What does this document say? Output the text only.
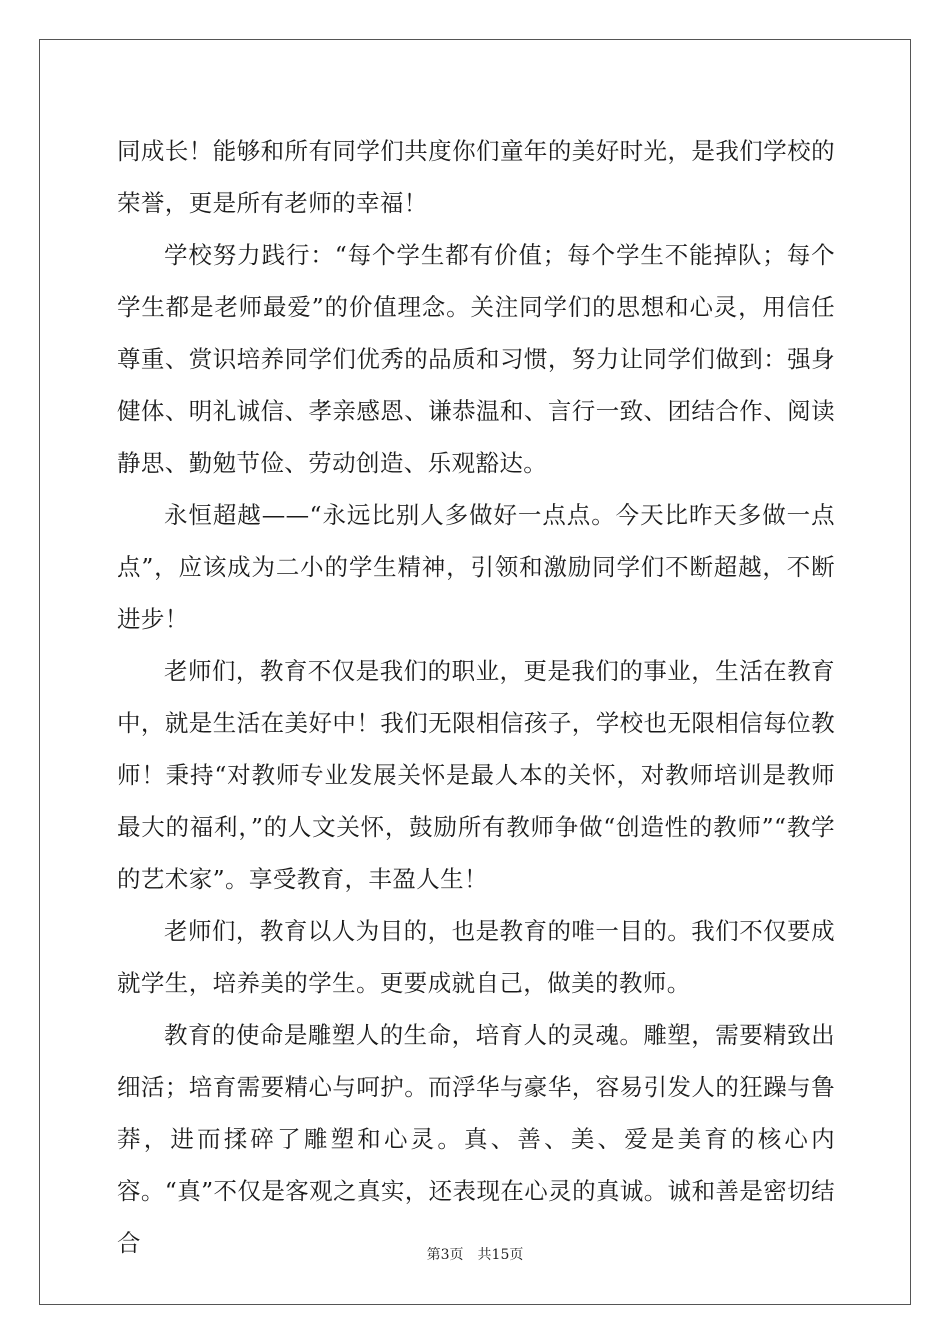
同成长！能够和所有同学们共度你们童年的美好时光，是我们学校的荣誉，更是所有老师的幸福！

学校努力践行：“每个学生都有价值；每个学生不能掉队；每个学生都是老师最爱”的价值理念。关注同学们的思想和心灵，用信任尊重、赏识培养同学们优秀的品质和习惯，努力让同学们做到：强身健体、明礼诚信、孝亲感恩、谦恭温和、言行一致、团结合作、阅读静思、勤勉节俭、劳动创造、乐观豁达。

永恒超越——“永远比别人多做好一点点。今天比昨天多做一点点”，应该成为二小的学生精神，引领和激励同学们不断超越，不断进步！

老师们，教育不仅是我们的职业，更是我们的事业，生活在教育中，就是生活在美好中！我们无限相信孩子，学校也无限相信每位教师！秉持“对教师专业发展关怀是最人本的关怀，对教师培训是教师最大的福利，”的人文关怀，鼓励所有教师争做“创造性的教师”“教学的艺术家”。享受教育，丰盈人生！

老师们，教育以人为目的，也是教育的唯一目的。我们不仅要成就学生，培养美的学生。更要成就自己，做美的教师。

教育的使命是雕塑人的生命，培育人的灵魂。雕塑，需要精致出细活；培育需要精心与呵护。而浮华与豪华，容易引发人的狂躁与鲁莽，进而揉碎了雕塑和心灵。真、善、美、爱是美育的核心内容。“真”不仅是客观之真实，还表现在心灵的真诚。诚和善是密切结合	第3页 共15页
